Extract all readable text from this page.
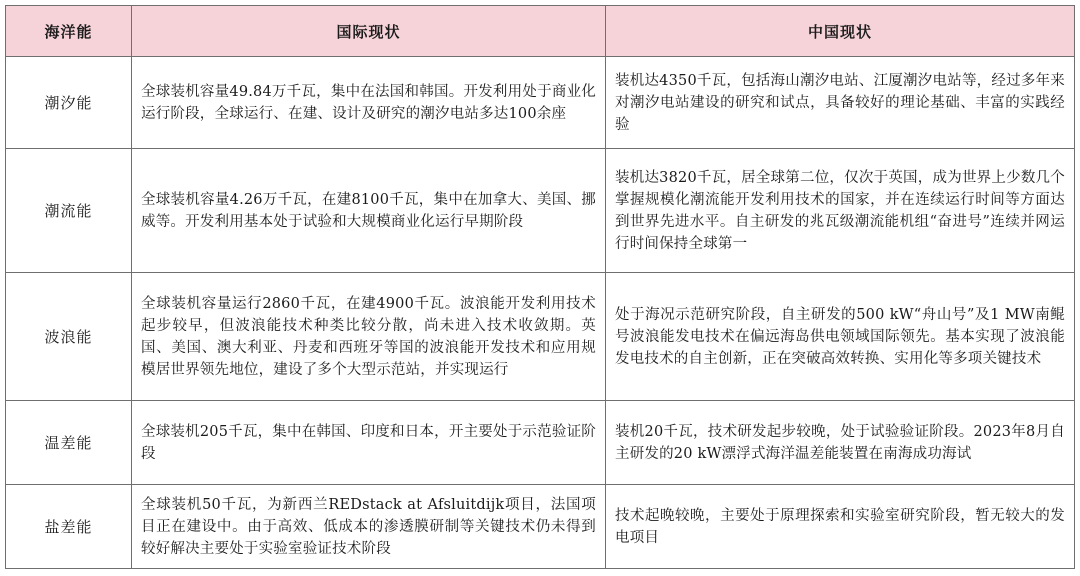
海洋能	国际现状	中国现状
潮汐能	全球装机容量49.84万千瓦，集中在法国和韩国。开发利用处于商业化运行阶段，全球运行、在建、设计及研究的潮汐电站多达100余座	装机达4350千瓦，包括海山潮汐电站、江厦潮汐电站等，经过多年来对潮汐电站建设的研究和试点，具备较好的理论基础、丰富的实践经验
潮流能	全球装机容量4.26万千瓦，在建8100千瓦，集中在加拿大、美国、挪威等。开发利用基本处于试验和大规模商业化运行早期阶段	装机达3820千瓦，居全球第二位，仅次于英国，成为世界上少数几个掌握规模化潮流能开发利用技术的国家，并在连续运行时间等方面达到世界先进水平。自主研发的兆瓦级潮流能机组“奋进号”连续并网运行时间保持全球第一
波浪能	全球装机容量运行2860千瓦，在建4900千瓦。波浪能开发利用技术起步较早，但波浪能技术种类比较分散，尚未进入技术收敛期。英国、美国、澳大利亚、丹麦和西班牙等国的波浪能开发技术和应用规模居世界领先地位，建设了多个大型示范站，并实现运行	处于海况示范研究阶段，自主研发的500 kW“舟山号”及1 MW南鲲号波浪能发电技术在偏远海岛供电领域国际领先。基本实现了波浪能发电技术的自主创新，正在突破高效转换、实用化等多项关键技术
温差能	全球装机205千瓦，集中在韩国、印度和日本，开主要处于示范验证阶段	装机20千瓦，技术研发起步较晚，处于试验验证阶段。2023年8月自主研发的20 kW漂浮式海洋温差能装置在南海成功海试
盐差能	全球装机50千瓦，为新西兰REDstack at Afsluitdijk项目，法国项目正在建设中。由于高效、低成本的渗透膜研制等关键技术仍未得到较好解决主要处于实验室验证技术阶段	技术起晚较晚，主要处于原理探索和实验室研究阶段，暂无较大的发电项目
